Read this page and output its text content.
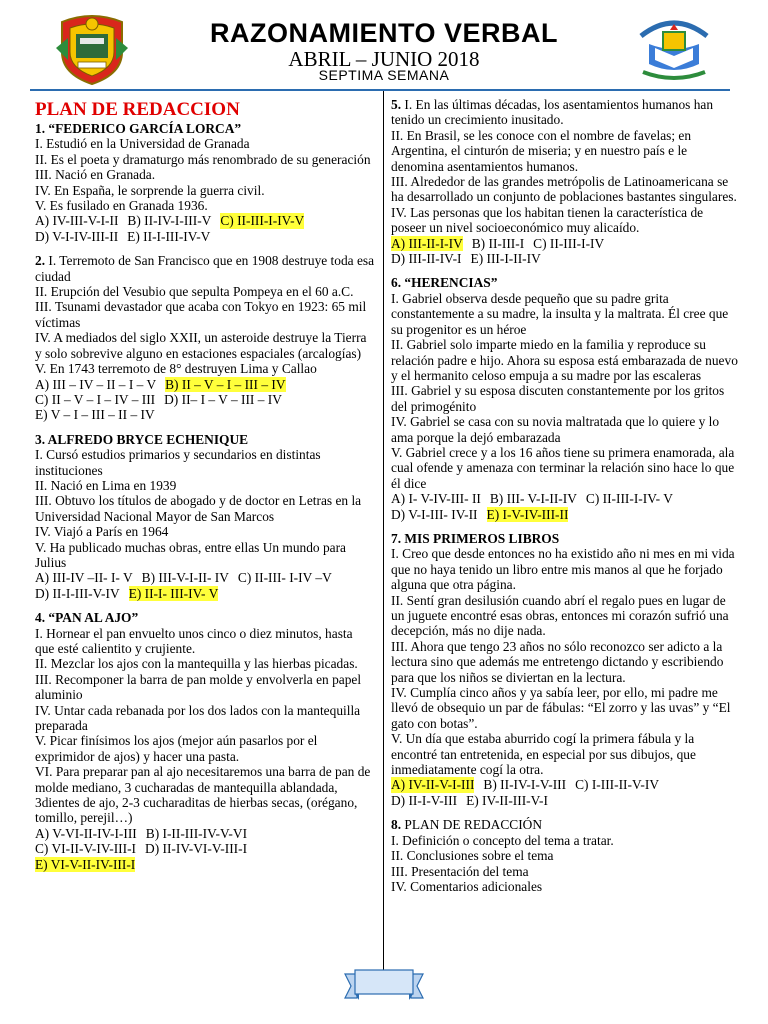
RAZONAMIENTO VERBAL
ABRIL – JUNIO 2018
SEPTIMA SEMANA
PLAN DE REDACCION
1. “FEDERICO GARCÍA LORCA”
I. Estudió en la Universidad de Granada
II. Es el poeta y dramaturgo más renombrado de su generación
III. Nació en Granada.
IV. En España, le sorprende la guerra civil.
V. Es fusilado en Granada 1936.
A) IV-III-V-I-II B) II-IV-I-III-V C) II-III-I-IV-V
D) V-I-IV-III-II E) II-I-III-IV-V
2. I. Terremoto de San Francisco que en 1908 destruye toda esa ciudad
II. Erupción del Vesubio que sepulta Pompeya en el 60 a.C.
III. Tsunami devastador que acaba con Tokyo en 1923: 65 mil víctimas
IV. A mediados del siglo XXII, un asteroide destruye la Tierra y solo sobrevive alguno en estaciones espaciales (arcalogías)
V. En 1743 terremoto de 8° destruyen Lima y Callao
A) III – IV – II – I – V B) II – V – I – III – IV
C) II – V – I – IV – III D) II– I – V – III – IV
E) V – I – III – II – IV
3. ALFREDO BRYCE ECHENIQUE
I. Cursó estudios primarios y secundarios en distintas instituciones
II. Nació en Lima en 1939
III. Obtuvo los títulos de abogado y de doctor en Letras en la Universidad Nacional Mayor de San Marcos
IV. Viajó a París en 1964
V. Ha publicado muchas obras, entre ellas Un mundo para Julius
A) III-IV –II- I- V B) III-V-I-II- IV C) II-III- I-IV –V
D) II-I-III-V-IV E) II-I- III-IV- V
4. “PAN AL AJO”
I. Hornear el pan envuelto unos cinco o diez minutos, hasta que esté calientito y crujiente.
II. Mezclar los ajos con la mantequilla y las hierbas picadas.
III. Recomponer la barra de pan molde y envolverla en papel aluminio
IV. Untar cada rebanada por los dos lados con la mantequilla preparada
V. Picar finísimos los ajos (mejor aún pasarlos por el exprimidor de ajos) y hacer una pasta.
VI. Para preparar pan al ajo necesitaremos una barra de pan de molde mediano, 3 cucharadas de mantequilla ablandada, 3dientes de ajo, 2-3 cucharaditas de hierbas secas, (orégano, tomillo, perejil…)
A) V-VI-II-IV-I-III B) I-II-III-IV-V-VI
C) VI-II-V-IV-III-I D) II-IV-VI-V-III-I
E) VI-V-II-IV-III-I
5. I. En las últimas décadas, los asentamientos humanos han tenido un crecimiento inusitado.
II. En Brasil, se les conoce con el nombre de favelas; en Argentina, el cinturón de miseria; y en nuestro país e le denomina asentamientos humanos.
III. Alrededor de las grandes metrópolis de Latinoamericana se ha desarrollado un conjunto de poblaciones bastantes singulares.
IV. Las personas que los habitan tienen la característica de poseer un nivel socioeconómico muy alicaído.
A) III-II-I-IV B) II-III-I C) II-III-I-IV
D) III-II-IV-I E) III-I-II-IV
6. “HERENCIAS”
I. Gabriel observa desde pequeño que su padre grita constantemente a su madre, la insulta y la maltrata. Él cree que su progenitor es un héroe
II. Gabriel solo imparte miedo en la familia y reproduce su relación padre e hijo. Ahora su esposa está embarazada de nuevo y el hermanito celoso empuja a su madre por las escaleras
III. Gabriel y su esposa discuten constantemente por los gritos del primogénito
IV. Gabriel se casa con su novia maltratada que lo quiere y lo ama porque la dejó embarazada
V. Gabriel crece y a los 16 años tiene su primera enamorada, ala cual ofende y amenaza con terminar la relación sino hace lo que él dice
A) I- V-IV-III- II B) III- V-I-II-IV C) II-III-I-IV- V
D) V-I-III- IV-II E) I-V-IV-III-II
7. MIS PRIMEROS LIBROS
I. Creo que desde entonces no ha existido año ni mes en mi vida que no haya tenido un libro entre mis manos al que he forjado alguna que otra página.
II. Sentí gran desilusión cuando abrí el regalo pues en lugar de un juguete encontré esas obras, entonces mi corazón sufrió una decepción, más no dije nada.
III. Ahora que tengo 23 años no sólo reconozco ser adicto a la lectura sino que además me entretengo dictando y escribiendo para que los niños se diviertan en la lectura.
IV. Cumplía cinco años y ya sabía leer, por ello, mi padre me llevó de obsequio un par de fábulas: “El zorro y las uvas” y “El gato con botas”.
V. Un día que estaba aburrido cogí la primera fábula y la encontré tan entretenida, en especial por sus dibujos, que inmediatamente cogí la otra.
A) IV-II-V-I-III B) II-IV-I-V-III C) I-III-II-V-IV
D) II-I-V-III E) IV-II-III-V-I
8. PLAN DE REDACCIÓN
I. Definición o concepto del tema a tratar.
II. Conclusiones sobre el tema
III. Presentación del tema
IV. Comentarios adicionales
